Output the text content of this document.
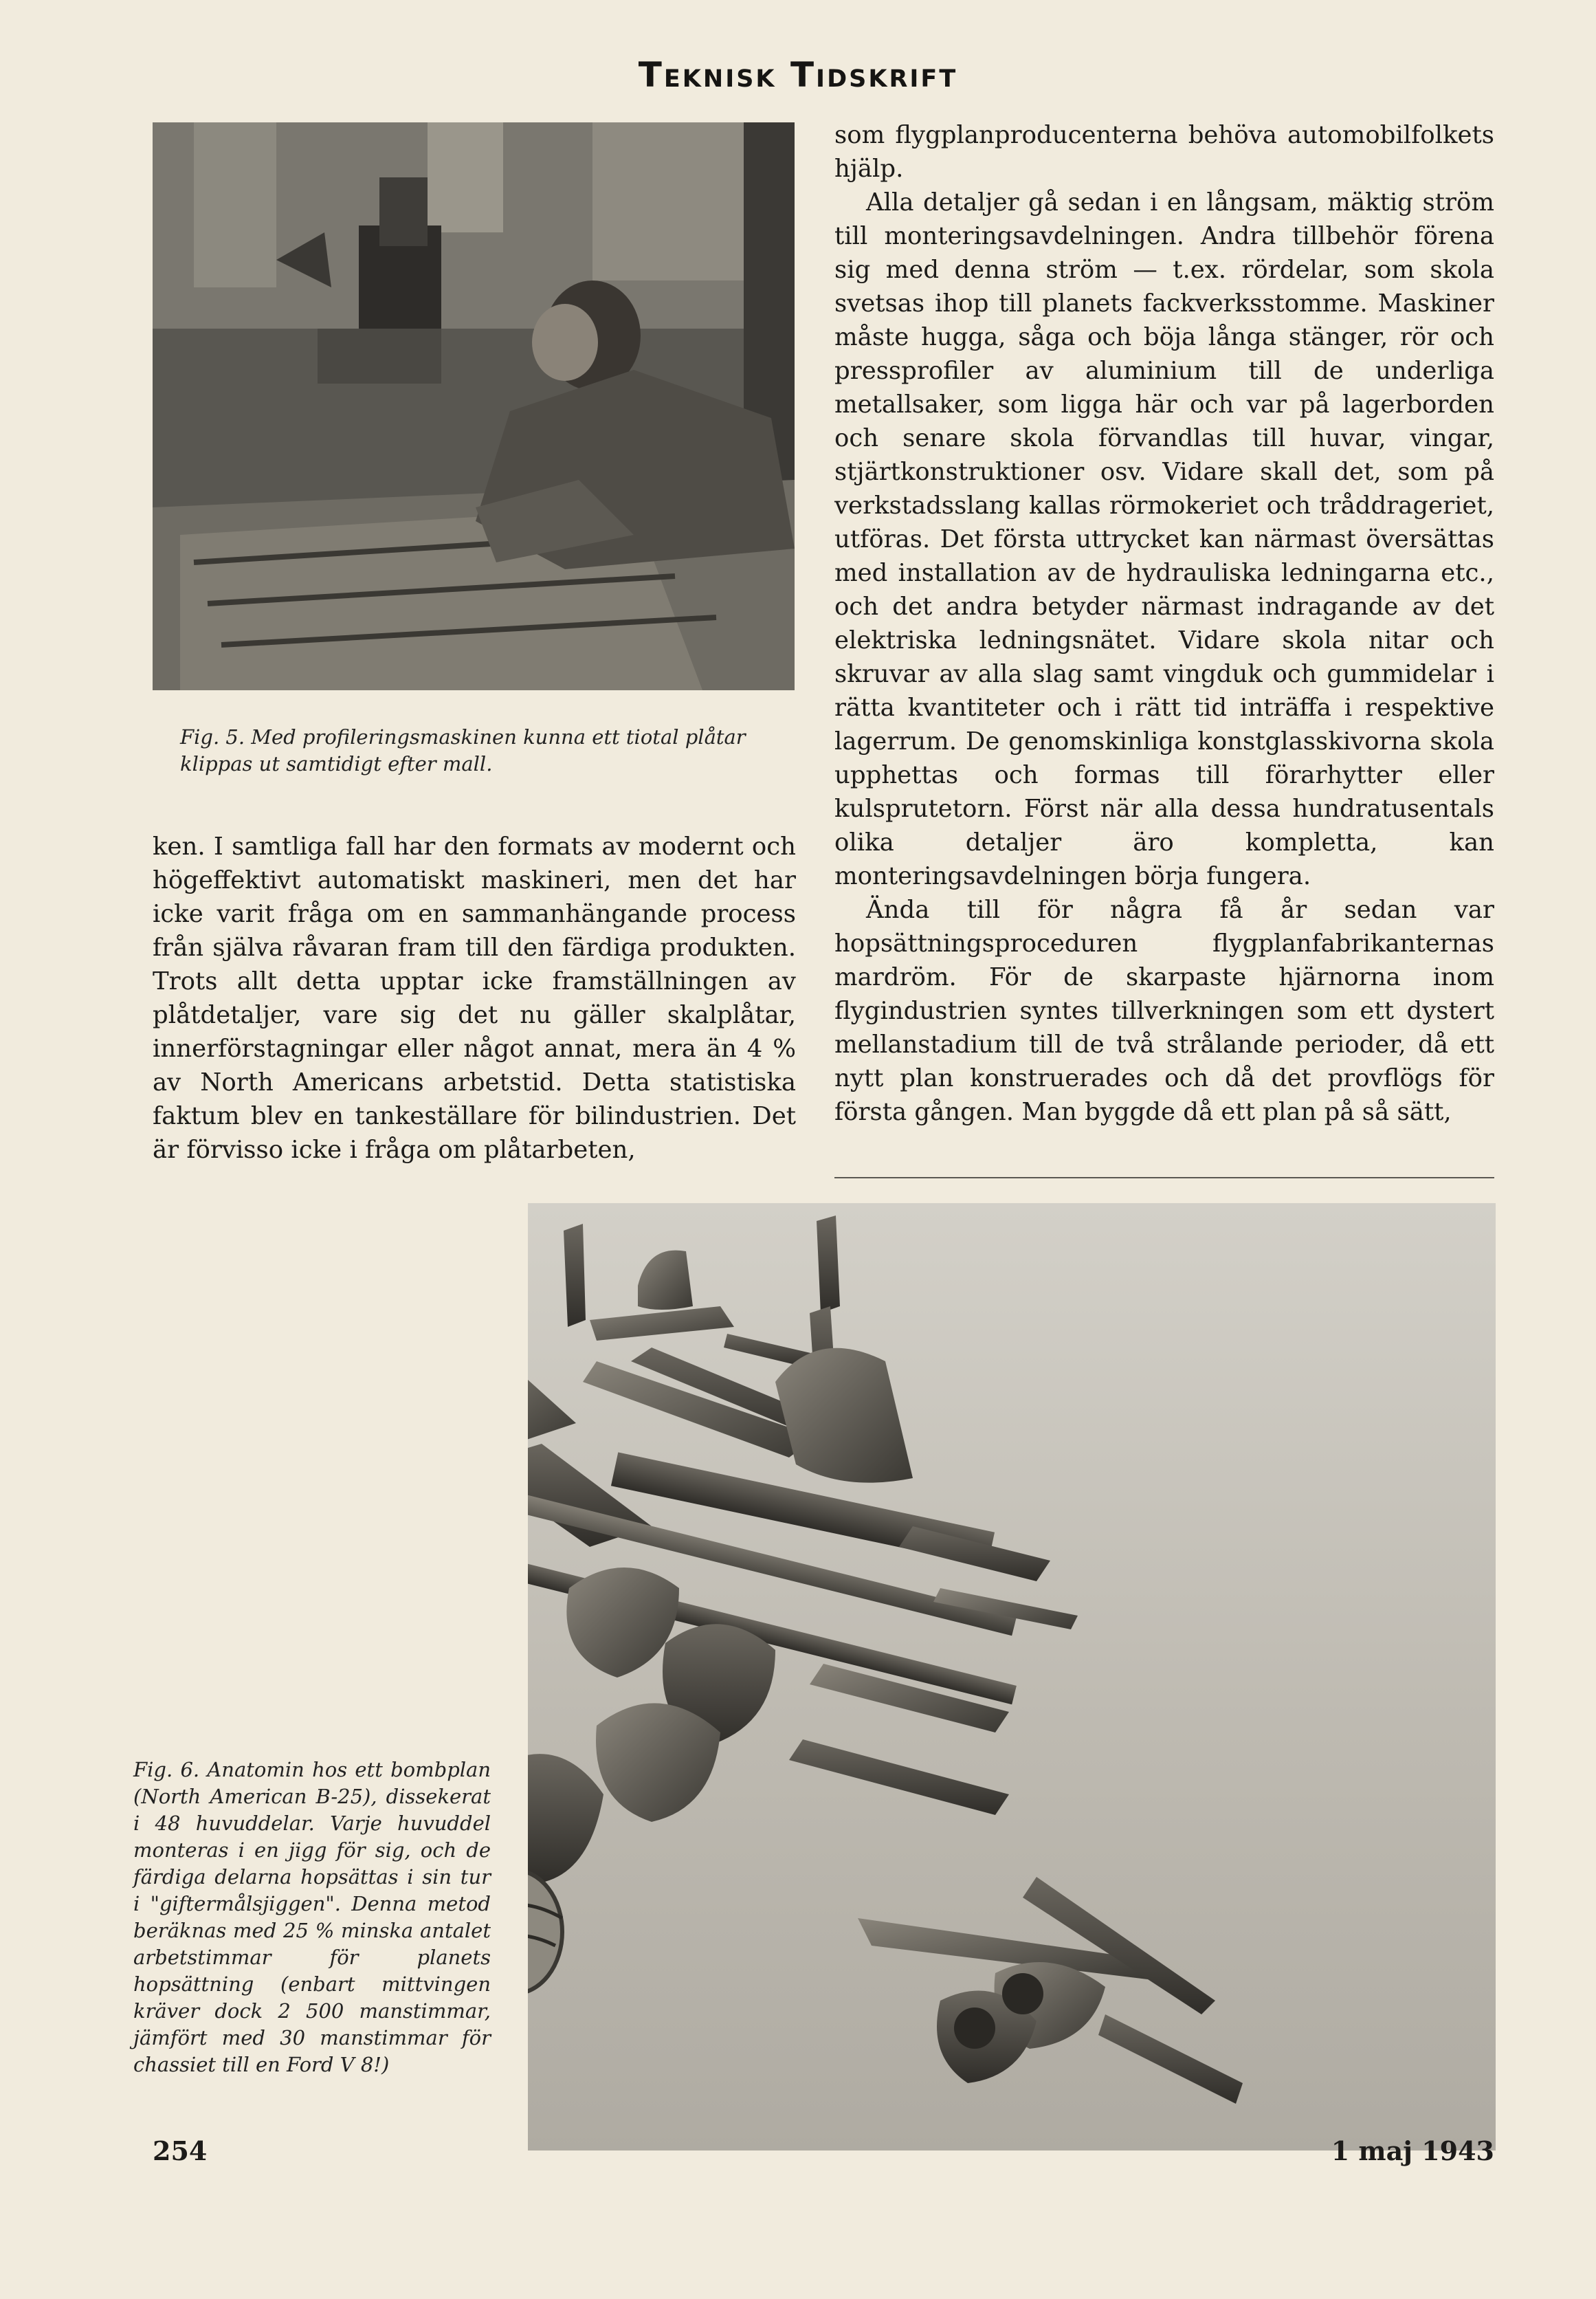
Teknisk Tidskrift
Fig. 5. Med profileringsmaskinen kunna ett tiotal plåtar klippas ut samtidigt efter mall.

som flygplanproducenterna behöva automobilfolkets hjälp.

Alla detaljer gå sedan i en långsam, mäktig ström till monteringsavdelningen. Andra tillbehör förena sig med denna ström — t.ex. rördelar, som skola svetsas ihop till planets fackverksstomme. Maskiner måste hugga, såga och böja långa stänger, rör och pressprofiler av aluminium till de underliga metallsaker, som ligga här och var på lagerborden och senare skola förvandlas till huvar, vingar, stjärtkonstruktioner osv. Vidare skall det, som på verkstadsslang kallas rörmokeriet och tråddrageriet, utföras. Det första uttrycket kan närmast översättas med installation av de hydrauliska ledningarna etc., och det andra betyder närmast indragande av det elektriska ledningsnätet. Vidare skola nitar och skruvar av alla slag samt vingduk och gummidelar i rätta kvantiteter och i rätt tid inträffa i respektive lagerrum. De genomskinliga konstglasskivorna skola upphettas och formas till förarhytter eller kulsprutetorn. Först när alla dessa hundratusentals olika detaljer äro kompletta, kan monteringsavdelningen börja fungera.

Ända till för några få år sedan var hopsättningsproceduren flygplanfabrikanternas mardröm. För de skarpaste hjärnorna inom flygindustrien syntes tillverkningen som ett dystert mellanstadium till de två strålande perioder, då ett nytt plan konstruerades och då det provflögs för första gången. Man byggde då ett plan på så sätt,

ken. I samtliga fall har den formats av modernt och högeffektivt automatiskt maskineri, men det har icke varit fråga om en sammanhängande process från själva råvaran fram till den färdiga produkten. Trots allt detta upptar icke framställningen av plåtdetaljer, vare sig det nu gäller skalplåtar, innerförstagningar eller något annat, mera än 4 % av North Americans arbetstid. Detta statistiska faktum blev en tankeställare för bilindustrien. Det är förvisso icke i fråga om plåtarbeten,

Fig. 6. Anatomin hos ett bombplan (North American B-25), dissekerat i 48 huvuddelar. Varje huvuddel monteras i en jigg för sig, och de färdiga delarna hopsättas i sin tur i "giftermålsjiggen". Denna metod beräknas med 25 % minska antalet arbetstimmar för planets hopsättning (enbart mittvingen kräver dock 2 500 manstimmar, jämfört med 30 manstimmar för chassiet till en Ford V 8!)
254	1 maj 1943
